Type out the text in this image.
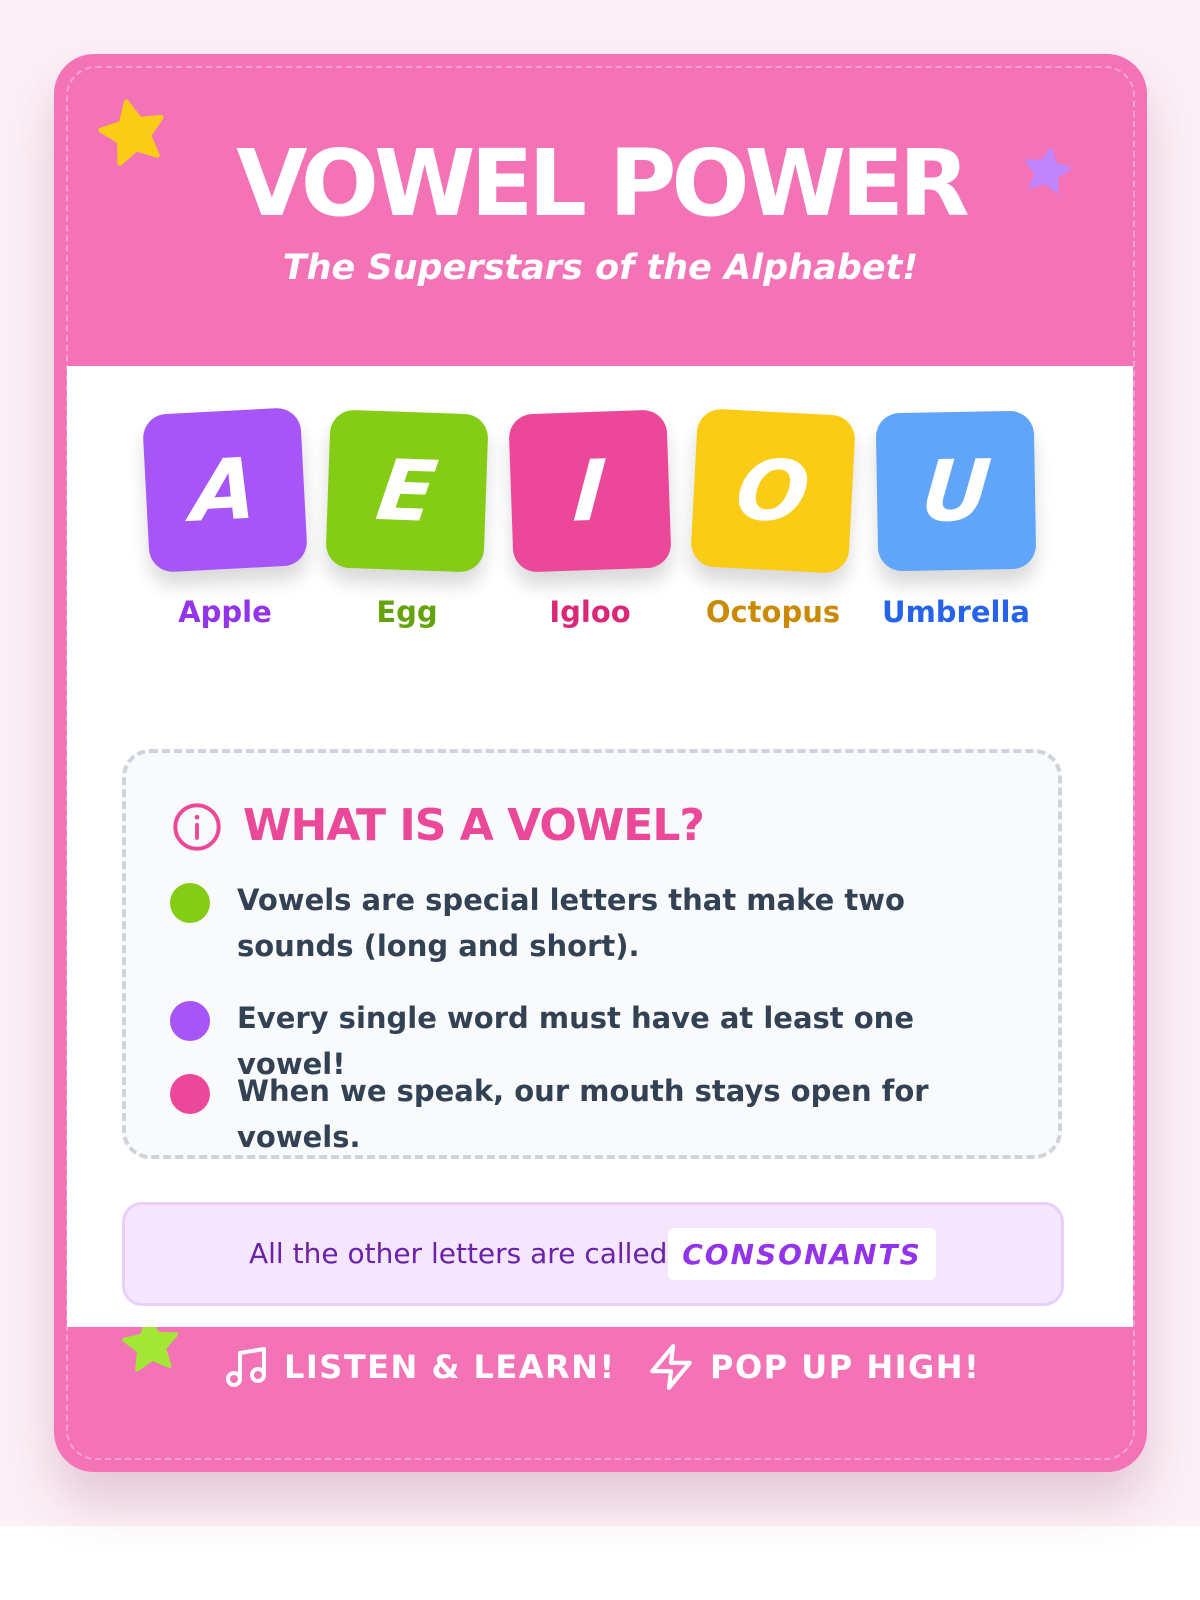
VOWEL POWER
The Superstars of the Alphabet!
A
Apple
E
Egg
I
Igloo
O
Octopus
U
Umbrella
WHAT IS A VOWEL?
Vowels are special letters that make two sounds (long and short).
Every single word must have at least one vowel!
When we speak, our mouth stays open for vowels.
All the other letters are called CONSONANTS
LISTEN & LEARN!	POP UP HIGH!
